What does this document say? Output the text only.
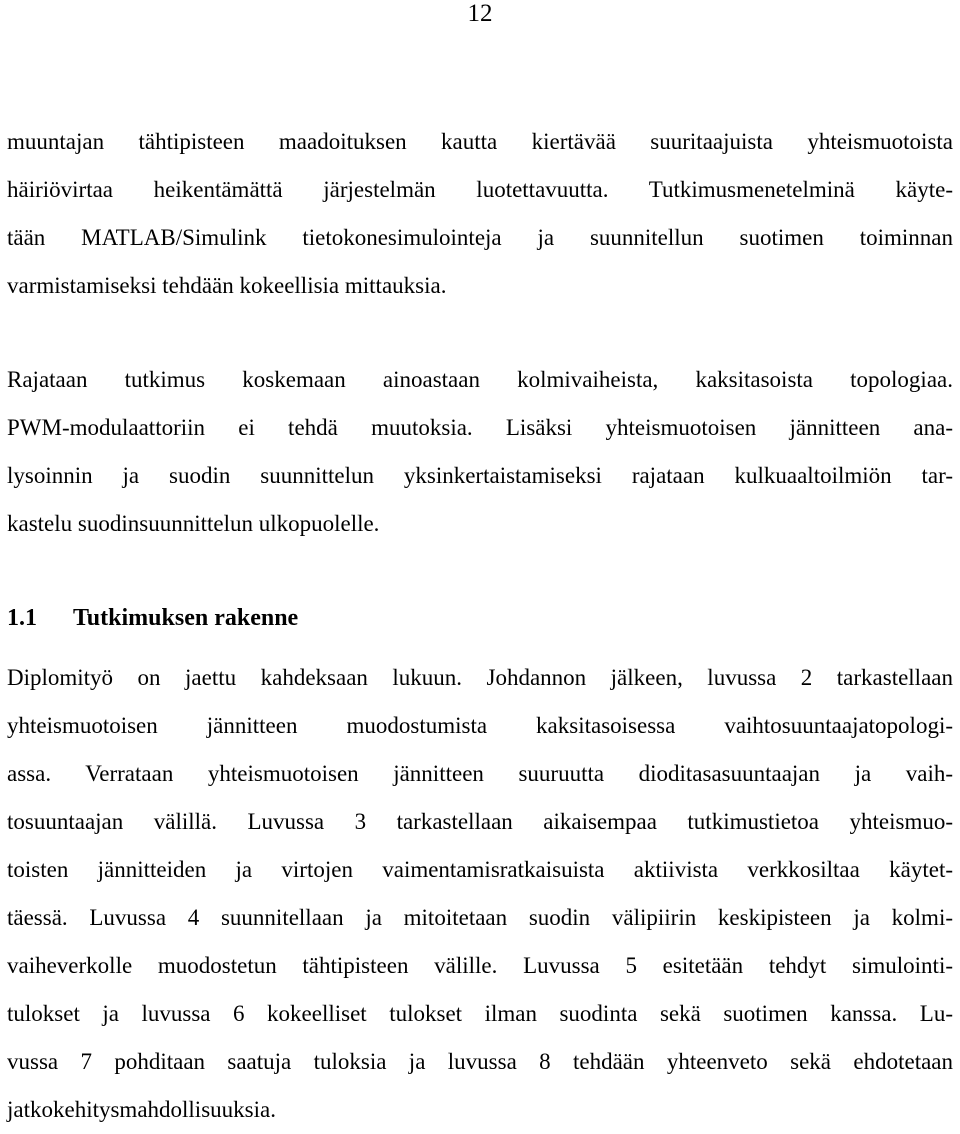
12
muuntajan tähtipisteen maadoituksen kautta kiertävää suuritaajuista yhteismuotoista
häiriövirtaa heikentämättä järjestelmän luotettavuutta. Tutkimusmenetelminä käyte-
tään MATLAB/Simulink tietokonesimulointeja ja suunnitellun suotimen toiminnan
varmistamiseksi tehdään kokeellisia mittauksia.
Rajataan tutkimus koskemaan ainoastaan kolmivaiheista, kaksitasoista topologiaa.
PWM-modulaattoriin ei tehdä muutoksia. Lisäksi yhteismuotoisen jännitteen ana-
lysoinnin ja suodin suunnittelun yksinkertaistamiseksi rajataan kulkuaaltoilmiön tar-
kastelu suodinsuunnittelun ulkopuolelle.
1.1 Tutkimuksen rakenne
Diplomityö on jaettu kahdeksaan lukuun. Johdannon jälkeen, luvussa 2 tarkastellaan
yhteismuotoisen jännitteen muodostumista kaksitasoisessa vaihtosuuntaajatopologi-
assa. Verrataan yhteismuotoisen jännitteen suuruutta dioditasasuuntaajan ja vaih-
tosuuntaajan välillä. Luvussa 3 tarkastellaan aikaisempaa tutkimustietoa yhteismuo-
toisten jännitteiden ja virtojen vaimentamisratkaisuista aktiivista verkkosiltaa käytet-
täessä. Luvussa 4 suunnitellaan ja mitoitetaan suodin välipiirin keskipisteen ja kolmi-
vaiheverkolle muodostetun tähtipisteen välille. Luvussa 5 esitetään tehdyt simulointi-
tulokset ja luvussa 6 kokeelliset tulokset ilman suodinta sekä suotimen kanssa. Lu-
vussa 7 pohditaan saatuja tuloksia ja luvussa 8 tehdään yhteenveto sekä ehdotetaan
jatkokehitysmahdollisuuksia.
